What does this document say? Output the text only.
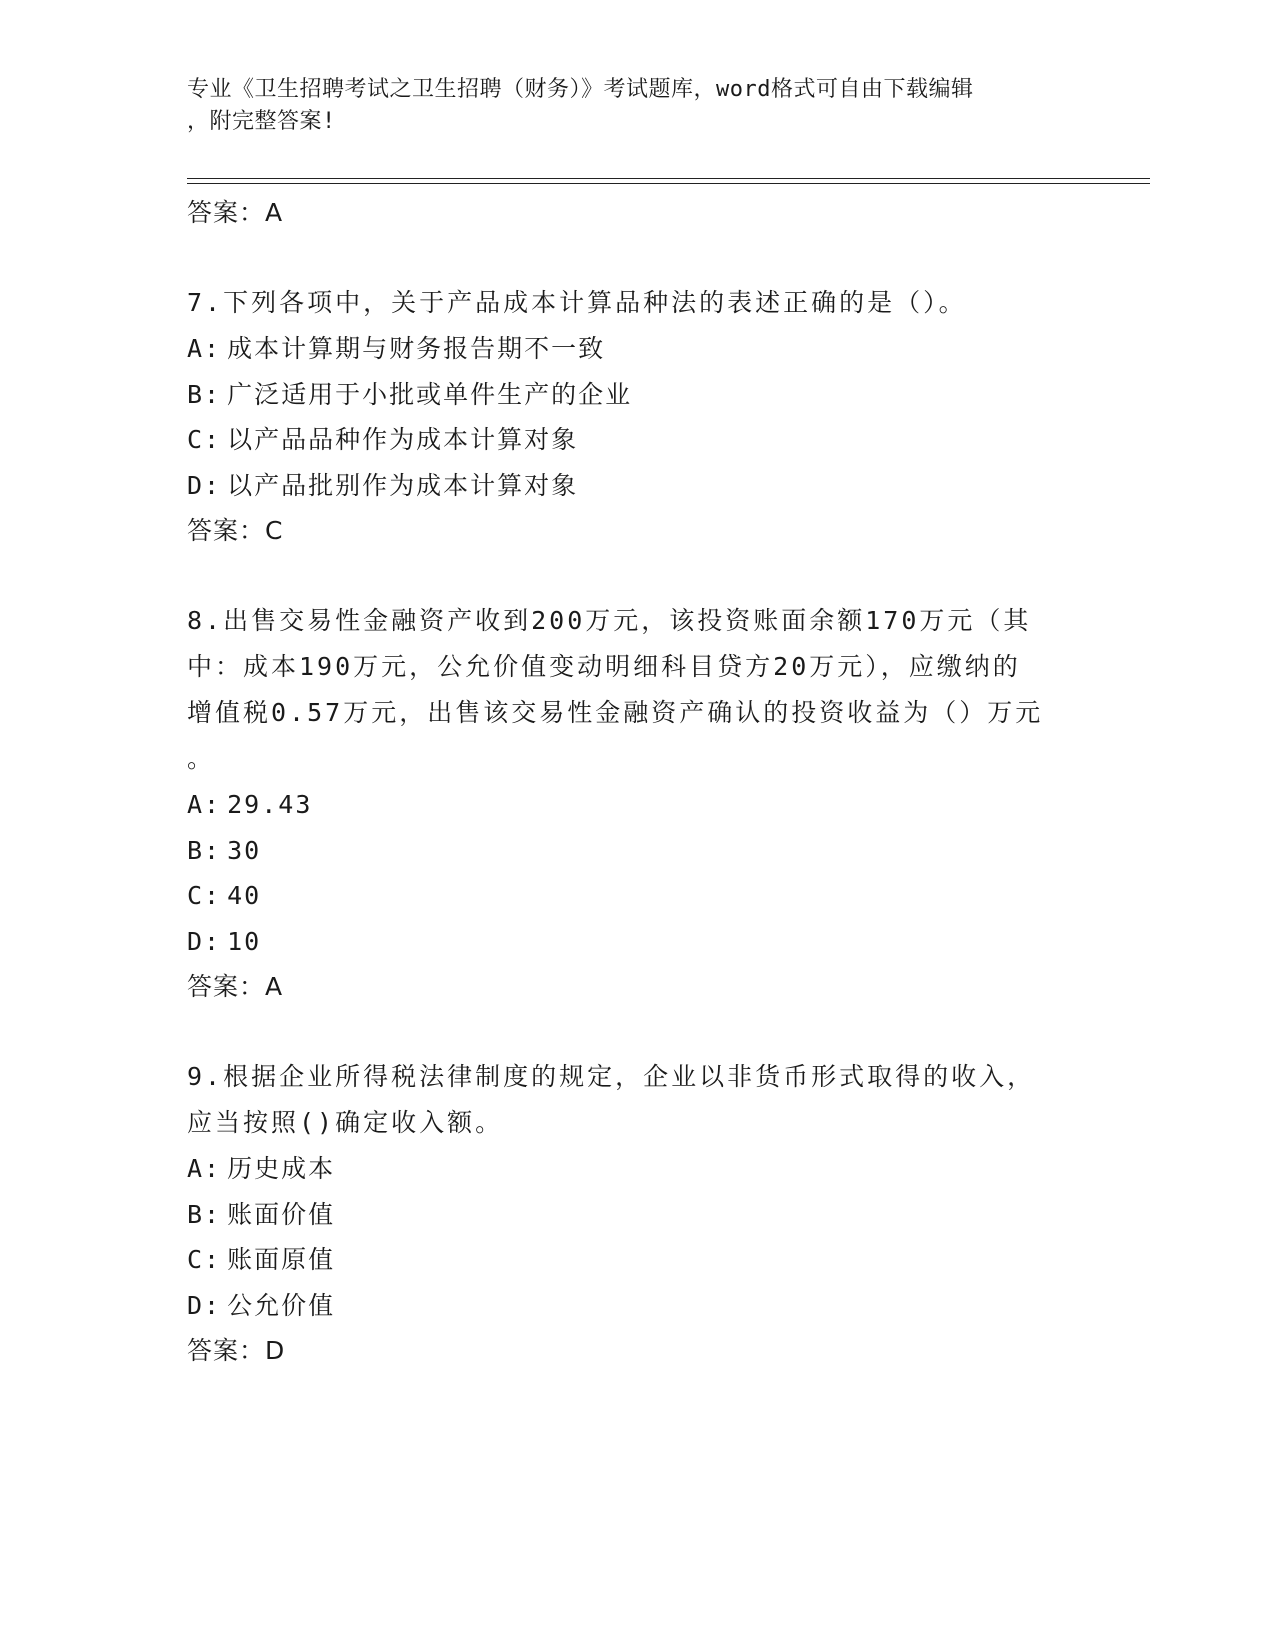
专业《卫生招聘考试之卫生招聘（财务）》考试题库，word格式可自由下载编辑
，附完整答案!
答案：A
7.下列各项中，关于产品成本计算品种法的表述正确的是（）。
A: 成本计算期与财务报告期不一致
B: 广泛适用于小批或单件生产的企业
C: 以产品品种作为成本计算对象
D: 以产品批别作为成本计算对象
答案：C
8.出售交易性金融资产收到200万元，该投资账面余额170万元（其
中：成本190万元，公允价值变动明细科目贷方20万元），应缴纳的
增值税0.57万元，出售该交易性金融资产确认的投资收益为（）万元
。
A: 29.43
B: 30
C: 40
D: 10
答案：A
9.根据企业所得税法律制度的规定，企业以非货币形式取得的收入，
应当按照()确定收入额。
A: 历史成本
B: 账面价值
C: 账面原值
D: 公允价值
答案：D
